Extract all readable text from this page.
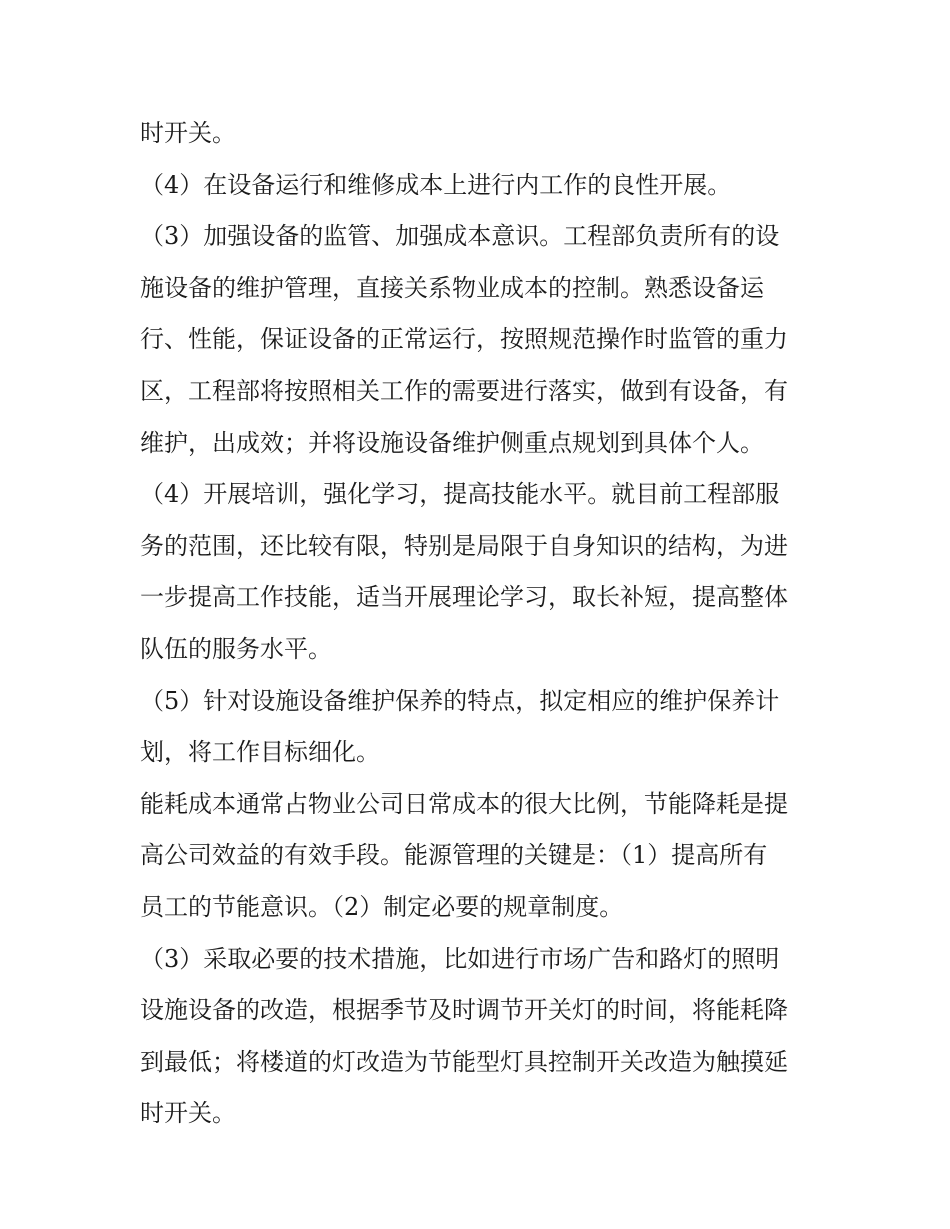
时开关。
（4）在设备运行和维修成本上进行内工作的良性开展。
（3）加强设备的监管、加强成本意识。工程部负责所有的设
施设备的维护管理，直接关系物业成本的控制。熟悉设备运
行、性能，保证设备的正常运行，按照规范操作时监管的重力
区，工程部将按照相关工作的需要进行落实，做到有设备，有
维护，出成效；并将设施设备维护侧重点规划到具体个人。
（4）开展培训，强化学习，提高技能水平。就目前工程部服
务的范围，还比较有限，特别是局限于自身知识的结构，为进
一步提高工作技能，适当开展理论学习，取长补短，提高整体
队伍的服务水平。
（5）针对设施设备维护保养的特点，拟定相应的维护保养计
划，将工作目标细化。
能耗成本通常占物业公司日常成本的很大比例，节能降耗是提
高公司效益的有效手段。能源管理的关键是：（1）提高所有
员工的节能意识。（2）制定必要的规章制度。
（3）采取必要的技术措施，比如进行市场广告和路灯的照明
设施设备的改造，根据季节及时调节开关灯的时间，将能耗降
到最低；将楼道的灯改造为节能型灯具控制开关改造为触摸延
时开关。
